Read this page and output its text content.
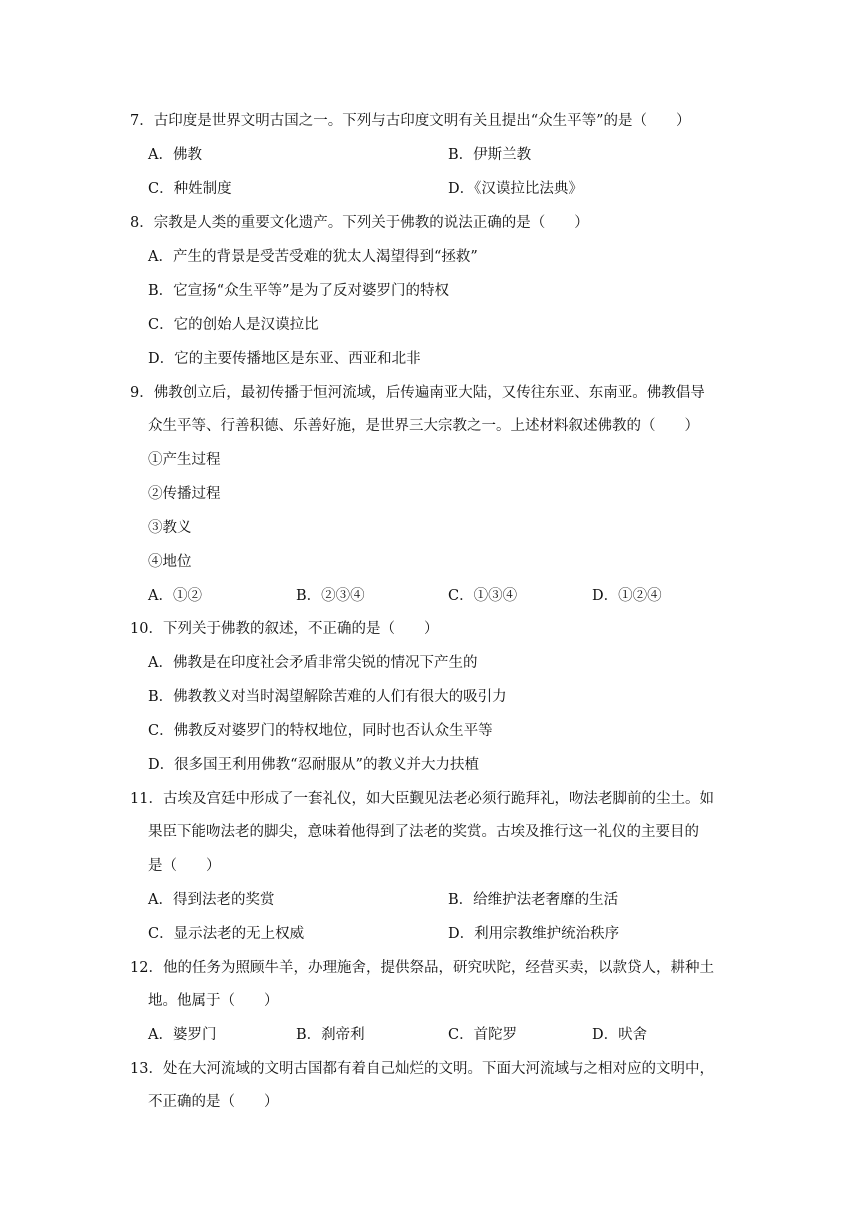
7．古印度是世界文明古国之一。下列与古印度文明有关且提出“众生平等”的是（　　）
A．佛教	B．伊斯兰教
C．种姓制度	D．《汉谟拉比法典》
8．宗教是人类的重要文化遗产。下列关于佛教的说法正确的是（　　）
A．产生的背景是受苦受难的犹太人渴望得到“拯救”
B．它宣扬“众生平等”是为了反对婆罗门的特权
C．它的创始人是汉谟拉比
D．它的主要传播地区是东亚、西亚和北非
9．佛教创立后，最初传播于恒河流域，后传遍南亚大陆，又传往东亚、东南亚。佛教倡导
众生平等、行善积德、乐善好施，是世界三大宗教之一。上述材料叙述佛教的（　　）
①产生过程
②传播过程
③教义
④地位
A．①②	B．②③④	C．①③④	D．①②④
10．下列关于佛教的叙述，不正确的是（　　）
A．佛教是在印度社会矛盾非常尖锐的情况下产生的
B．佛教教义对当时渴望解除苦难的人们有很大的吸引力
C．佛教反对婆罗门的特权地位，同时也否认众生平等
D．很多国王利用佛教“忍耐服从”的教义并大力扶植
11．古埃及宫廷中形成了一套礼仪，如大臣觐见法老必须行跪拜礼，吻法老脚前的尘土。如
果臣下能吻法老的脚尖，意味着他得到了法老的奖赏。古埃及推行这一礼仪的主要目的
是（　　）
A．得到法老的奖赏	B．给维护法老奢靡的生活
C．显示法老的无上权威	D．利用宗教维护统治秩序
12．他的任务为照顾牛羊，办理施舍，提供祭品，研究吠陀，经营买卖，以款贷人，耕种土
地。他属于（　　）
A．婆罗门	B．刹帝利	C．首陀罗	D．吠舍
13．处在大河流域的文明古国都有着自己灿烂的文明。下面大河流域与之相对应的文明中，
不正确的是（　　）
